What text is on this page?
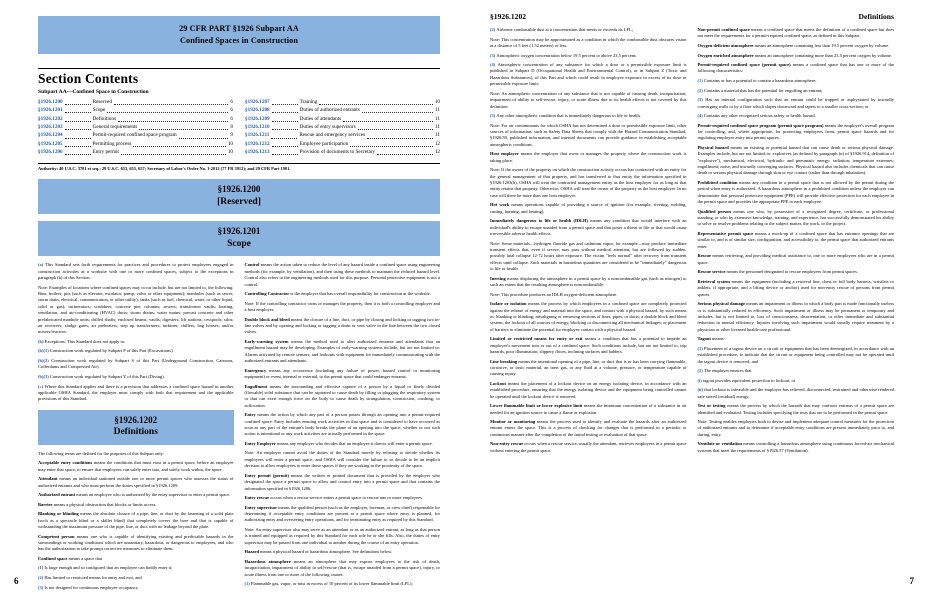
29 CFR PART §1926 Subpart AA
Confined Spaces in Construction
Section Contents
Subpart AA—Confined Space in Construction
§1926.1200	Reserved	6
§1926.1201	Scope	6
§1926.1202	Definitions	6
§1926.1203	General requirements	8
§1926.1204	Permit-required confined space program	9
§1926.1205	Permitting process	10
§1926.1206	Entry permit	10
§1926.1207	Training	10
§1926.1208	Duties of authorized entrants	11
§1926.1209	Duties of attendants	11
§1926.1210	Duties of entry supervisors	11
§1926.1211	Rescue and emergency services	11
§1926.1212	Employee participation	12
§1926.1213	Provision of documents to Secretary	12
Authority: 40 U.S.C. 3701 et seq.; 29 U.S.C. 653, 655, 657; Secretary of Labor's Order No. 1-2012 (77 FR 3912); and 29 CFR Part 1901.
§1926.1200
[Reserved]
§1926.1201
Scope

(a) This Standard sets forth requirements for practices and procedures to protect employees engaged in construction activities at a worksite with one or more confined spaces, subject to the exceptions in paragraph (b) of this Section.

Note: Examples of locations where confined spaces may occur include, but are not limited to, the following: Bins; boilers; pits (such as elevator, escalator, pump, valve or other equipment); manholes (such as sewer, storm drain, electrical, communication, or other utility); tanks (such as fuel, chemical, water, or other liquid, solid or gas); incinerators; scrubbers; concrete pier columns; sewers; transformer vaults; heating, ventilation, and air-conditioning (HVAC) ducts; storm drains; water mains; precast concrete and other prefabricated manhole units; drilled shafts; enclosed beams; vaults; digesters; lift stations; cesspools; silos; air receivers; sludge gates; air preheaters; step up transformers; turbines; chillers; bag houses; and/or mixers/reactors.

(b) Exceptions: This Standard does not apply to:

(b)(1) Construction work regulated by Subpart P of this Part (Excavations).

(b)(2) Construction work regulated by Subpart S of this Part (Underground Construction, Caissons, Cofferdams and Compressed Air).

(b)(3) Construction work regulated by Subpart Y of this Part (Diving).

(c) Where this Standard applies and there is a provision that addresses a confined space hazard in another applicable OSHA Standard, the employer must comply with both that requirement and the applicable provisions of this Standard.

§1926.1202
Definitions

The following terms are defined for the purposes of this Subpart only:

Acceptable entry conditions means the conditions that must exist in a permit space, before an employee may enter that space, to ensure that employees can safely enter into, and safely work within, the space.

Attendant means an individual stationed outside one or more permit spaces who assesses the status of authorized entrants and who must perform the duties specified in §1926.1209.

Authorized entrant means an employee who is authorized by the entry supervisor to enter a permit space.

Barrier means a physical obstruction that blocks or limits access.

Blanking or blinding means the absolute closure of a pipe, line, or duct by the fastening of a solid plate (such as a spectacle blind or a skillet blind) that completely covers the bore and that is capable of withstanding the maximum pressure of the pipe, line, or duct with no leakage beyond the plate.

Competent person means one who is capable of identifying existing and predictable hazards in the surroundings or working conditions which are unsanitary, hazardous, or dangerous to employees, and who has the authorization to take prompt corrective measures to eliminate them.

Confined space means a space that

(1) Is large enough and so configured that an employee can bodily enter it;

(2) Has limited or restricted means for entry and exit, and

(3) Is not designed for continuous employee occupancy.

Control means the action taken to reduce the level of any hazard inside a confined space using engineering methods (for example, by ventilation), and then using these methods to maintain the reduced hazard level. Control also refers to the engineering methods used for this purpose. Personal protective equipment is not a control.

Controlling Contractor is the employer that has overall responsibility for construction at the worksite.

Note: If the controlling contractor owns or manages the property, then it is both a controlling employer and a host employer.

Double block and bleed means the closure of a line, duct, or pipe by closing and locking or tagging two in-line valves and by opening and locking or tagging a drain or vent valve in the line between the two closed valves.

Early-warning system means the method used to alert authorized entrants and attendants that an engulfment hazard may be developing. Examples of early-warning systems include, but are not limited to: Alarms activated by remote sensors; and lookouts with equipment for immediately communicating with the authorized entrants and attendants.

Emergency means any occurrence (including any failure of power, hazard control or monitoring equipment) or event, internal or external, to the permit space that could endanger entrants.

Engulfment means the surrounding and effective capture of a person by a liquid or finely divided (flowable) solid substance that can be aspirated to cause death by filling or plugging the respiratory system or that can exert enough force on the body to cause death by strangulation, constriction, crushing, or suffocation.

Entry means the action by which any part of a person passes through an opening into a permit-required confined space. Entry includes ensuing work activities in that space and is considered to have occurred as soon as any part of the entrant's body breaks the plane of an opening into the space, whether or not such action is intentional or any work activities are actually performed in the space.

Entry Employer means any employer who decides that an employee it directs will enter a permit space.

Note: An employer cannot avoid the duties of the Standard merely by refusing to decide whether its employees will enter a permit space, and OSHA will consider the failure to so decide to be an implicit decision to allow employees to enter those spaces if they are working in the proximity of the space.

Entry permit (permit) means the written or printed document that is provided by the employer who designated the space a permit space to allow and control entry into a permit space and that contains the information specified in §1926.1206.

Entry rescue occurs when a rescue service enters a permit space to rescue one or more employees.

Entry supervisor means the qualified person (such as the employer, foreman, or crew chief) responsible for determining if acceptable entry conditions are present at a permit space where entry is planned, for authorizing entry and overseeing entry operations, and for terminating entry as required by this Standard.

Note: An entry supervisor also may serve as an attendant or as an authorized entrant, as long as that person is trained and equipped as required by this Standard for each role he or she fills. Also, the duties of entry supervisor may be passed from one individual to another during the course of an entry operation.

Hazard means a physical hazard or hazardous atmosphere. See definitions below.

Hazardous atmosphere means an atmosphere that may expose employees to the risk of death, incapacitation, impairment of ability to self-rescue (that is, escape unaided from a permit space), injury, or acute illness from one or more of the following causes:

(1) Flammable gas, vapor, or mist in excess of 10 percent of its lower flammable limit (LFL);

6
§1926.1202	Definitions

(2) Airborne combustible dust at a concentration that meets or exceeds its LFL;

Note: This concentration may be approximated as a condition in which the combustible dust obscures vision at a distance of 5 feet (1.52 meters) or less.

(3) Atmospheric oxygen concentration below 19.5 percent or above 23.5 percent;

(4) Atmospheric concentration of any substance for which a dose or a permissible exposure limit is published in Subpart D (Occupational Health and Environmental Control), or in Subpart Z (Toxic and Hazardous Substances), of this Part and which could result in employee exposure in excess of its dose or permissible exposure limit;

Note: An atmospheric concentration of any substance that is not capable of causing death, incapacitation, impairment of ability to self-rescue, injury, or acute illness due to its health effects is not covered by this definition.

(5) Any other atmospheric condition that is immediately dangerous to life or health.

Note: For air contaminants for which OSHA has not determined a dose or permissible exposure limit, other sources of information, such as Safety Data Sheets that comply with the Hazard Communication Standard, §1926.59, published information, and internal documents can provide guidance in establishing acceptable atmospheric conditions.

Host employer means the employer that owns or manages the property where the construction work is taking place.

Note: If the owner of the property on which the construction activity occurs has contracted with an entity for the general management of that property, and has transferred to that entity the information specified in §1926.1203(h), OSHA will treat the contracted management entity as the host employer for as long as that entity retains that property. Otherwise, OSHA will treat the owner of the property as the host employer. In no case will there be more than one host employer.

Hot work means operations capable of providing a source of ignition (for example, riveting, welding, cutting, burning, and heating).

Immediately dangerous to life or health (IDLH) means any condition that would interfere with an individual's ability to escape unaided from a permit space and that poses a threat to life or that would cause irreversible adverse health effects.

Note: Some materials—hydrogen fluoride gas and cadmium vapor, for example—may produce immediate transient effects that, even if severe, may pass without medical attention, but are followed by sudden, possibly fatal collapse 12-72 hours after exposure. The victim "feels normal" after recovery from transient effects until collapse. Such materials in hazardous quantities are considered to be "immediately" dangerous to life or health.

Inerting means displacing the atmosphere in a permit space by a noncombustible gas (such as nitrogen) to such an extent that the resulting atmosphere is noncombustible.

Note: This procedure produces an IDLH oxygen-deficient atmosphere.

Isolate or isolation means the process by which employees in a confined space are completely protected against the release of energy and material into the space, and contact with a physical hazard, by such means as: blanking or blinding; misaligning or removing sections of lines, pipes, or ducts; a double block and bleed system; the lockout of all sources of energy, blocking or disconnecting all mechanical linkages; or placement of barriers to eliminate the potential for employee contact with a physical hazard.

Limited or restricted means for entry or exit means a condition that has a potential to impede an employee's movement into or out of a confined space. Such conditions include, but are not limited to, trip hazards, poor illumination, slippery floors, inclining surfaces and ladders.

Line breaking means the intentional opening of a pipe, line, or duct that is or has been carrying flammable, corrosive, or toxic material, an inert gas, or any fluid at a volume, pressure, or temperature capable of causing injury.

Lockout means the placement of a lockout device on an energy isolating device, in accordance with an established procedure, ensuring that the energy isolating device and the equipment being controlled cannot be operated until the lockout device is removed.

Lower flammable limit or lower explosive limit means the minimum concentration of a substance in air needed for an ignition source to cause a flame or explosion.

Monitor or monitoring means the process used to identify and evaluate the hazards after an authorized entrant enters the space. This is a process of checking for changes that is performed in a periodic or continuous manner after the completion of the initial testing or evaluation of that space.

Non-entry rescue occurs when a rescue service, usually the attendant, retrieves employees in a permit space without entering the permit space.

Non-permit confined space means a confined space that meets the definition of a confined space but does not meet the requirements for a permit-required confined space, as defined in this Subpart.

Oxygen deficient atmosphere means an atmosphere containing less than 19.5 percent oxygen by volume.

Oxygen enriched atmosphere means an atmosphere containing more than 23.5 percent oxygen by volume.

Permit-required confined space (permit space) means a confined space that has one or more of the following characteristics:

(1) Contains or has a potential to contain a hazardous atmosphere;

(2) Contains a material that has the potential for engulfing an entrant;

(3) Has an internal configuration such that an entrant could be trapped or asphyxiated by inwardly converging walls or by a floor which slopes downward and tapers to a smaller cross-section; or

(4) Contains any other recognized serious safety or health hazard.

Permit-required confined space program (permit space program) means the employer's overall program for controlling, and, where appropriate, for protecting employees from, permit space hazards and for regulating employee entry into permit spaces.

Physical hazard means an existing or potential hazard that can cause death or serious physical damage. Examples include, but are not limited to: explosives (as defined by paragraph (n) of §1926.914, definition of "explosive"), mechanical, electrical, hydraulic and pneumatic energy; radiation; temperature extremes; engulfment; noise; and inwardly converging surfaces. Physical hazard also includes chemicals that can cause death or serious physical damage through skin or eye contact (rather than through inhalation).

Prohibited condition means any condition in a permit space that is not allowed by the permit during the period when entry is authorized. A hazardous atmosphere in a prohibited condition unless the employer can demonstrate that personal protective equipment (PPE) will provide effective protection for each employee in the permit space and provides the appropriate PPE to each employee.

Qualified person means one who, by possession of a recognized degree, certificate, or professional standing, or who by extensive knowledge, training, and experience, has successfully demonstrated his ability to solve or resolve problems relating to the subject matter, the work, or the project.

Representative permit space means a mock-up of a confined space that has entrance openings that are similar to, and is of similar size, configuration, and accessibility to, the permit space that authorized entrants enter.

Rescue means retrieving, and providing medical assistance to, one or more employees who are in a permit space.

Rescue service means the personnel designated to rescue employees from permit spaces.

Retrieval system means the equipment (including a retrieval line, chest or full body harness, wristlets or anklets, if appropriate, and a lifting device or anchor) used for non-entry rescue of persons from permit spaces.

Serious physical damage means an impairment or illness in which a body part is made functionally useless or is substantially reduced in efficiency. Such impairment or illness may be permanent or temporary and includes, but is not limited to, loss of consciousness, disorientation, or other immediate and substantial reduction in mental efficiency. Injuries involving such impairment would usually require treatment by a physician or other licensed health-care professional.

Tagout means:

(1) Placement of a tagout device on a circuit or equipment that has been deenergized, in accordance with an established procedure, to indicate that the circuit or equipment being controlled may not be operated until the tagout device is removed; and

(2) The employer ensures that

(i) tagout provides equivalent protection to lockout, or

(ii) that lockout is infeasible and the employer has relieved, disconnected, restrained and otherwise rendered safe stored (residual) energy.

Test or testing means the process by which the hazards that may confront entrants of a permit space are identified and evaluated. Testing includes specifying the tests that are to be performed in the permit space.

Note: Testing enables employers both to devise and implement adequate control measures for the protection of authorized entrants and to determine if acceptable entry conditions are present immediately prior to, and during, entry.

Ventilate or ventilation means controlling a hazardous atmosphere using continuous forced-air mechanical systems that meet the requirements of §1926.57 (Ventilation).

7
